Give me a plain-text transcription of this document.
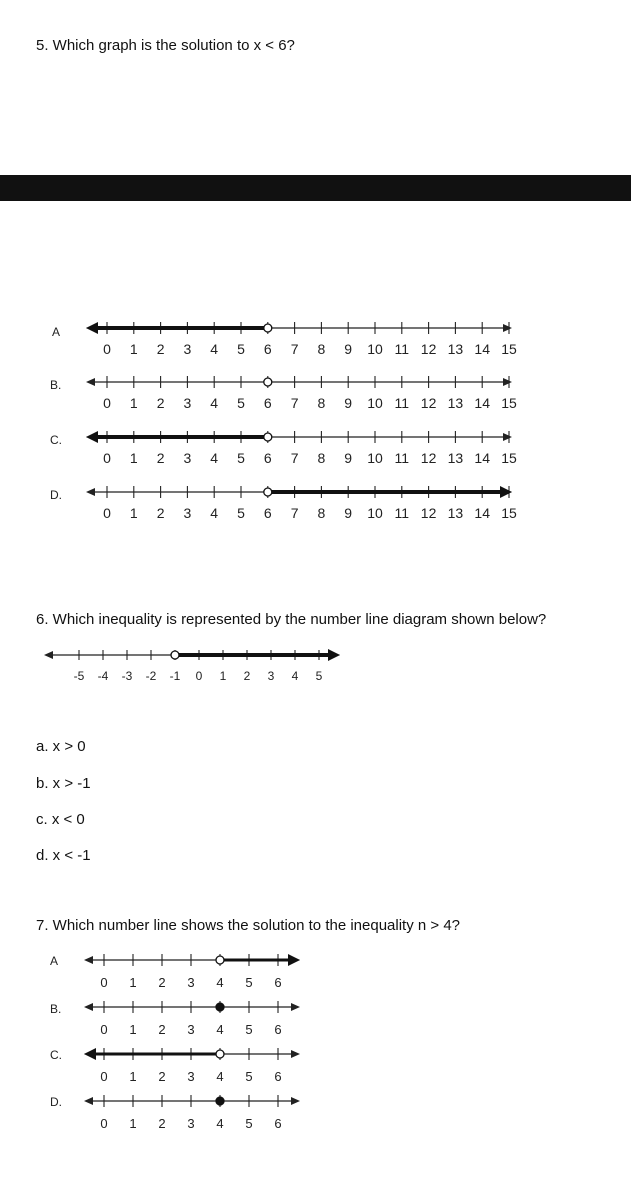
5. Which graph is the solution to x < 6?
A
B.
C.
D.
0 1 2 3 4 5 6 7 8 9 10 11 12 13 14 15
0 1 2 3 4 5 6 7 8 9 10 11 12 13 14 15
0 1 2 3 4 5 6 7 8 9 10 11 12 13 14 15
0 1 2 3 4 5 6 7 8 9 10 11 12 13 14 15
6. Which inequality is represented by the number line diagram shown below?
-5 -4 -3 -2 -1 0 1 2 3 4 5
a. x > 0
b. x > -1
c. x < 0
d. x < -1
7. Which number line shows the solution to the inequality n > 4?
A
B.
C.
D.
0 1 2 3 4 5 6
0 1 2 3 4 5 6
0 1 2 3 4 5 6
0 1 2 3 4 5 6
